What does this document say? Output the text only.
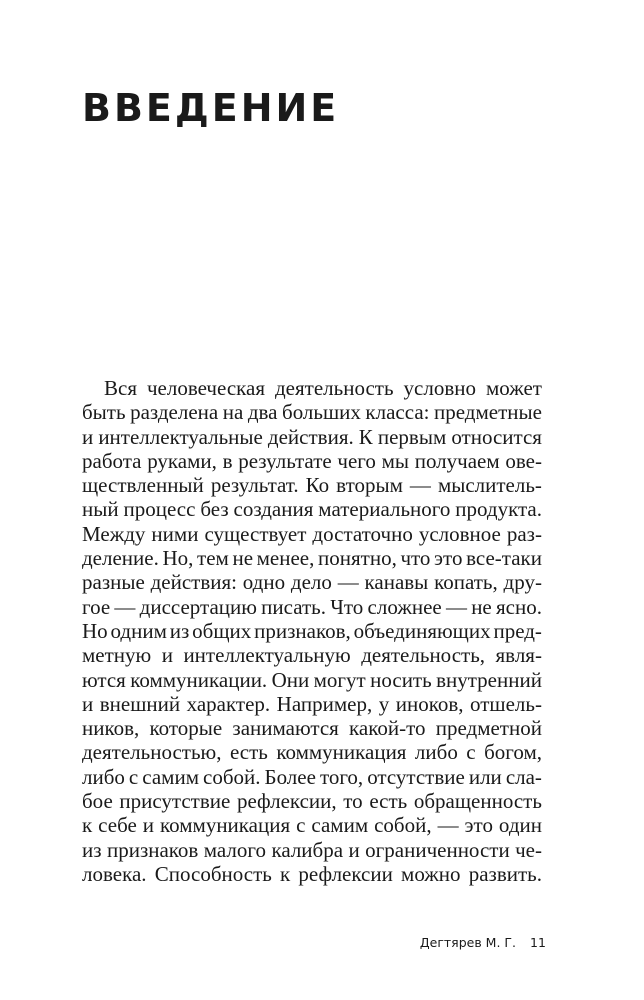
ВВЕДЕНИЕ
Вся человеческая деятельность условно может
быть разделена на два больших класса: предметные
и интеллектуальные действия. К первым относится
работа руками, в результате чего мы получаем ове-
ществленный результат. Ко вторым — мыслитель-
ный процесс без создания материального продукта.
Между ними существует достаточно условное раз-
деление. Но, тем не менее, понятно, что это все-таки
разные действия: одно дело — канавы копать, дру-
гое — диссертацию писать. Что сложнее — не ясно.
Но одним из общих признаков, объединяющих пред-
метную и интеллектуальную деятельность, явля-
ются коммуникации. Они могут носить внутренний
и внешний характер. Например, у иноков, отшель-
ников, которые занимаются какой-то предметной
деятельностью, есть коммуникация либо с богом,
либо с самим собой. Более того, отсутствие или сла-
бое присутствие рефлексии, то есть обращенность
к себе и коммуникация с самим собой, — это один
из признаков малого калибра и ограниченности че-
ловека. Способность к рефлексии можно развить.
Дегтярев М. Г. 11
